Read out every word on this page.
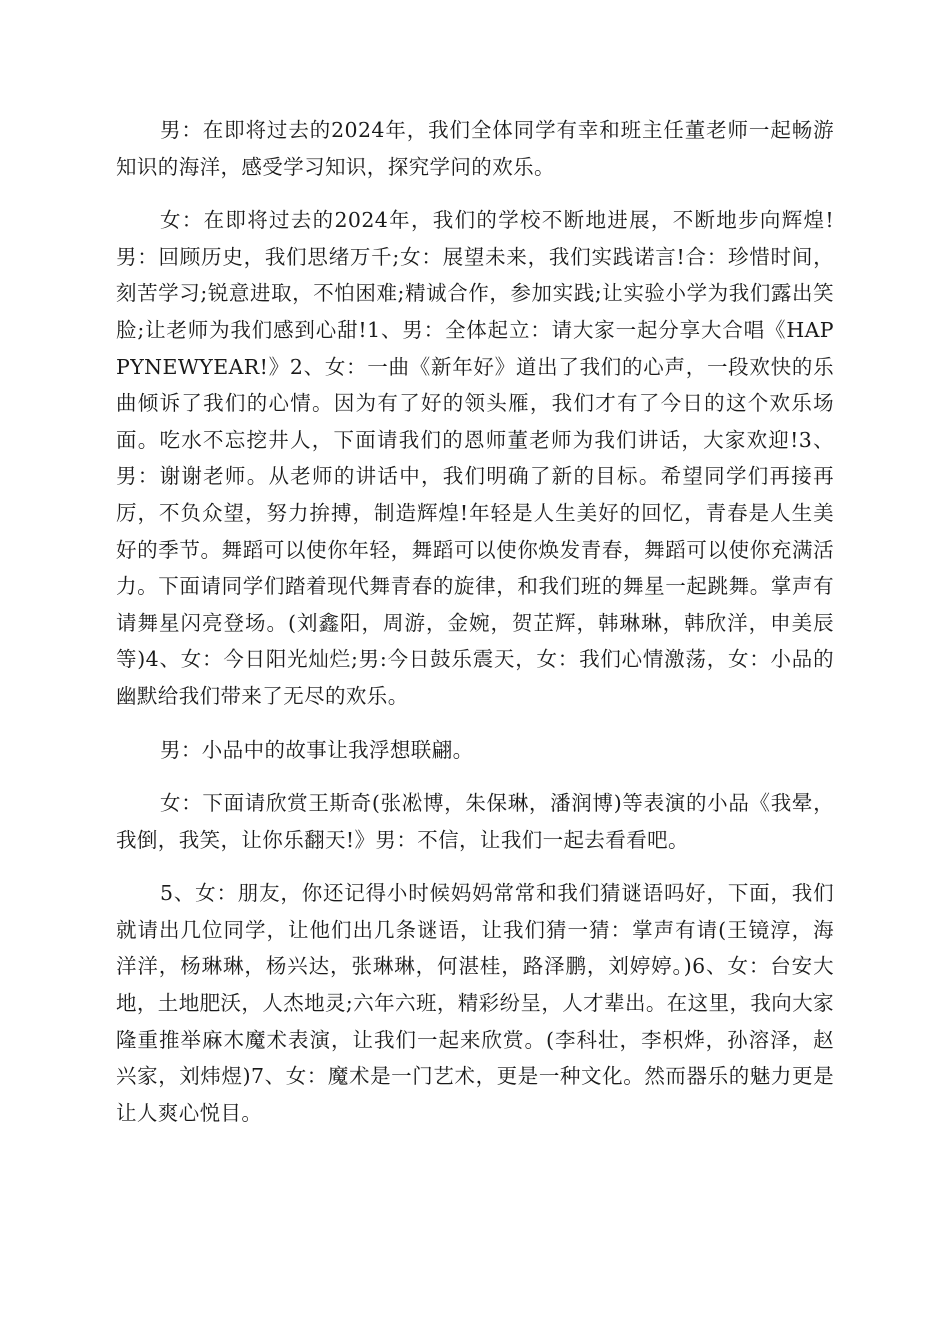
男：在即将过去的2024年，我们全体同学有幸和班主任董老师一起畅游知识的海洋，感受学习知识，探究学问的欢乐。

女：在即将过去的2024年，我们的学校不断地进展，不断地步向辉煌!男：回顾历史，我们思绪万千;女：展望未来，我们实践诺言!合：珍惜时间，刻苦学习;锐意进取，不怕困难;精诚合作，参加实践;让实验小学为我们露出笑脸;让老师为我们感到心甜!1、男：全体起立：请大家一起分享大合唱《HAPPYNEWYEAR!》2、女：一曲《新年好》道出了我们的心声，一段欢快的乐曲倾诉了我们的心情。因为有了好的领头雁，我们才有了今日的这个欢乐场面。吃水不忘挖井人，下面请我们的恩师董老师为我们讲话，大家欢迎!3、男：谢谢老师。从老师的讲话中，我们明确了新的目标。希望同学们再接再厉，不负众望，努力拚搏，制造辉煌!年轻是人生美好的回忆，青春是人生美好的季节。舞蹈可以使你年轻，舞蹈可以使你焕发青春，舞蹈可以使你充满活力。下面请同学们踏着现代舞青春的旋律，和我们班的舞星一起跳舞。掌声有请舞星闪亮登场。(刘鑫阳，周游，金婉，贺芷辉，韩琳琳，韩欣洋，申美辰等)4、女：今日阳光灿烂;男:今日鼓乐震天，女：我们心情激荡，女：小品的幽默给我们带来了无尽的欢乐。

男：小品中的故事让我浮想联翩。

女：下面请欣赏王斯奇(张凇博，朱保琳，潘润博)等表演的小品《我晕，我倒，我笑，让你乐翻天!》男：不信，让我们一起去看看吧。

5、女：朋友，你还记得小时候妈妈常常和我们猜谜语吗好，下面，我们就请出几位同学，让他们出几条谜语，让我们猜一猜：掌声有请(王镜淳，海洋洋，杨琳琳，杨兴达，张琳琳，何湛桂，路泽鹏，刘婷婷。)6、女：台安大地，土地肥沃，人杰地灵;六年六班，精彩纷呈，人才辈出。在这里，我向大家隆重推举麻木魔术表演，让我们一起来欣赏。(李科壮，李枳烨，孙溶泽，赵兴家，刘炜煜)7、女：魔术是一门艺术，更是一种文化。然而器乐的魅力更是让人爽心悦目。
